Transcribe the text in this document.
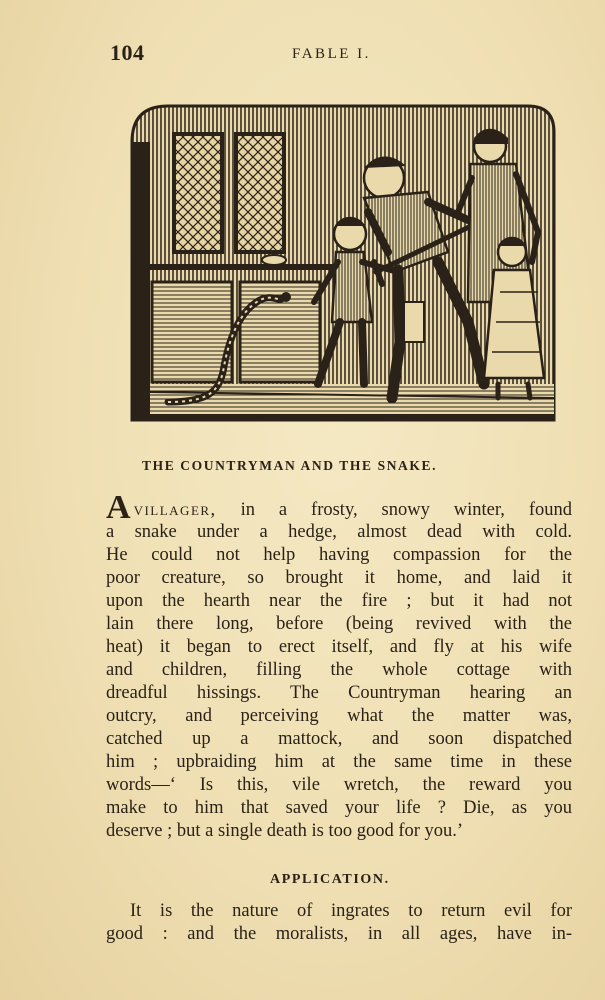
104	FABLE I.
THE COUNTRYMAN AND THE SNAKE.
Avillager, in a frosty, snowy winter, found
a snake under a hedge, almost dead with cold.
He could not help having compassion for the
poor creature, so brought it home, and laid it
upon the hearth near the fire ; but it had not
lain there long, before (being revived with the
heat) it began to erect itself, and fly at his wife
and children, filling the whole cottage with
dreadful hissings. The Countryman hearing an
outcry, and perceiving what the matter was,
catched up a mattock, and soon dispatched
him ; upbraiding him at the same time in these
words—‘ Is this, vile wretch, the reward you
make to him that saved your life ? Die, as you
deserve ; but a single death is too good for you.’
APPLICATION.
It is the nature of ingrates to return evil for
good : and the moralists, in all ages, have in-
